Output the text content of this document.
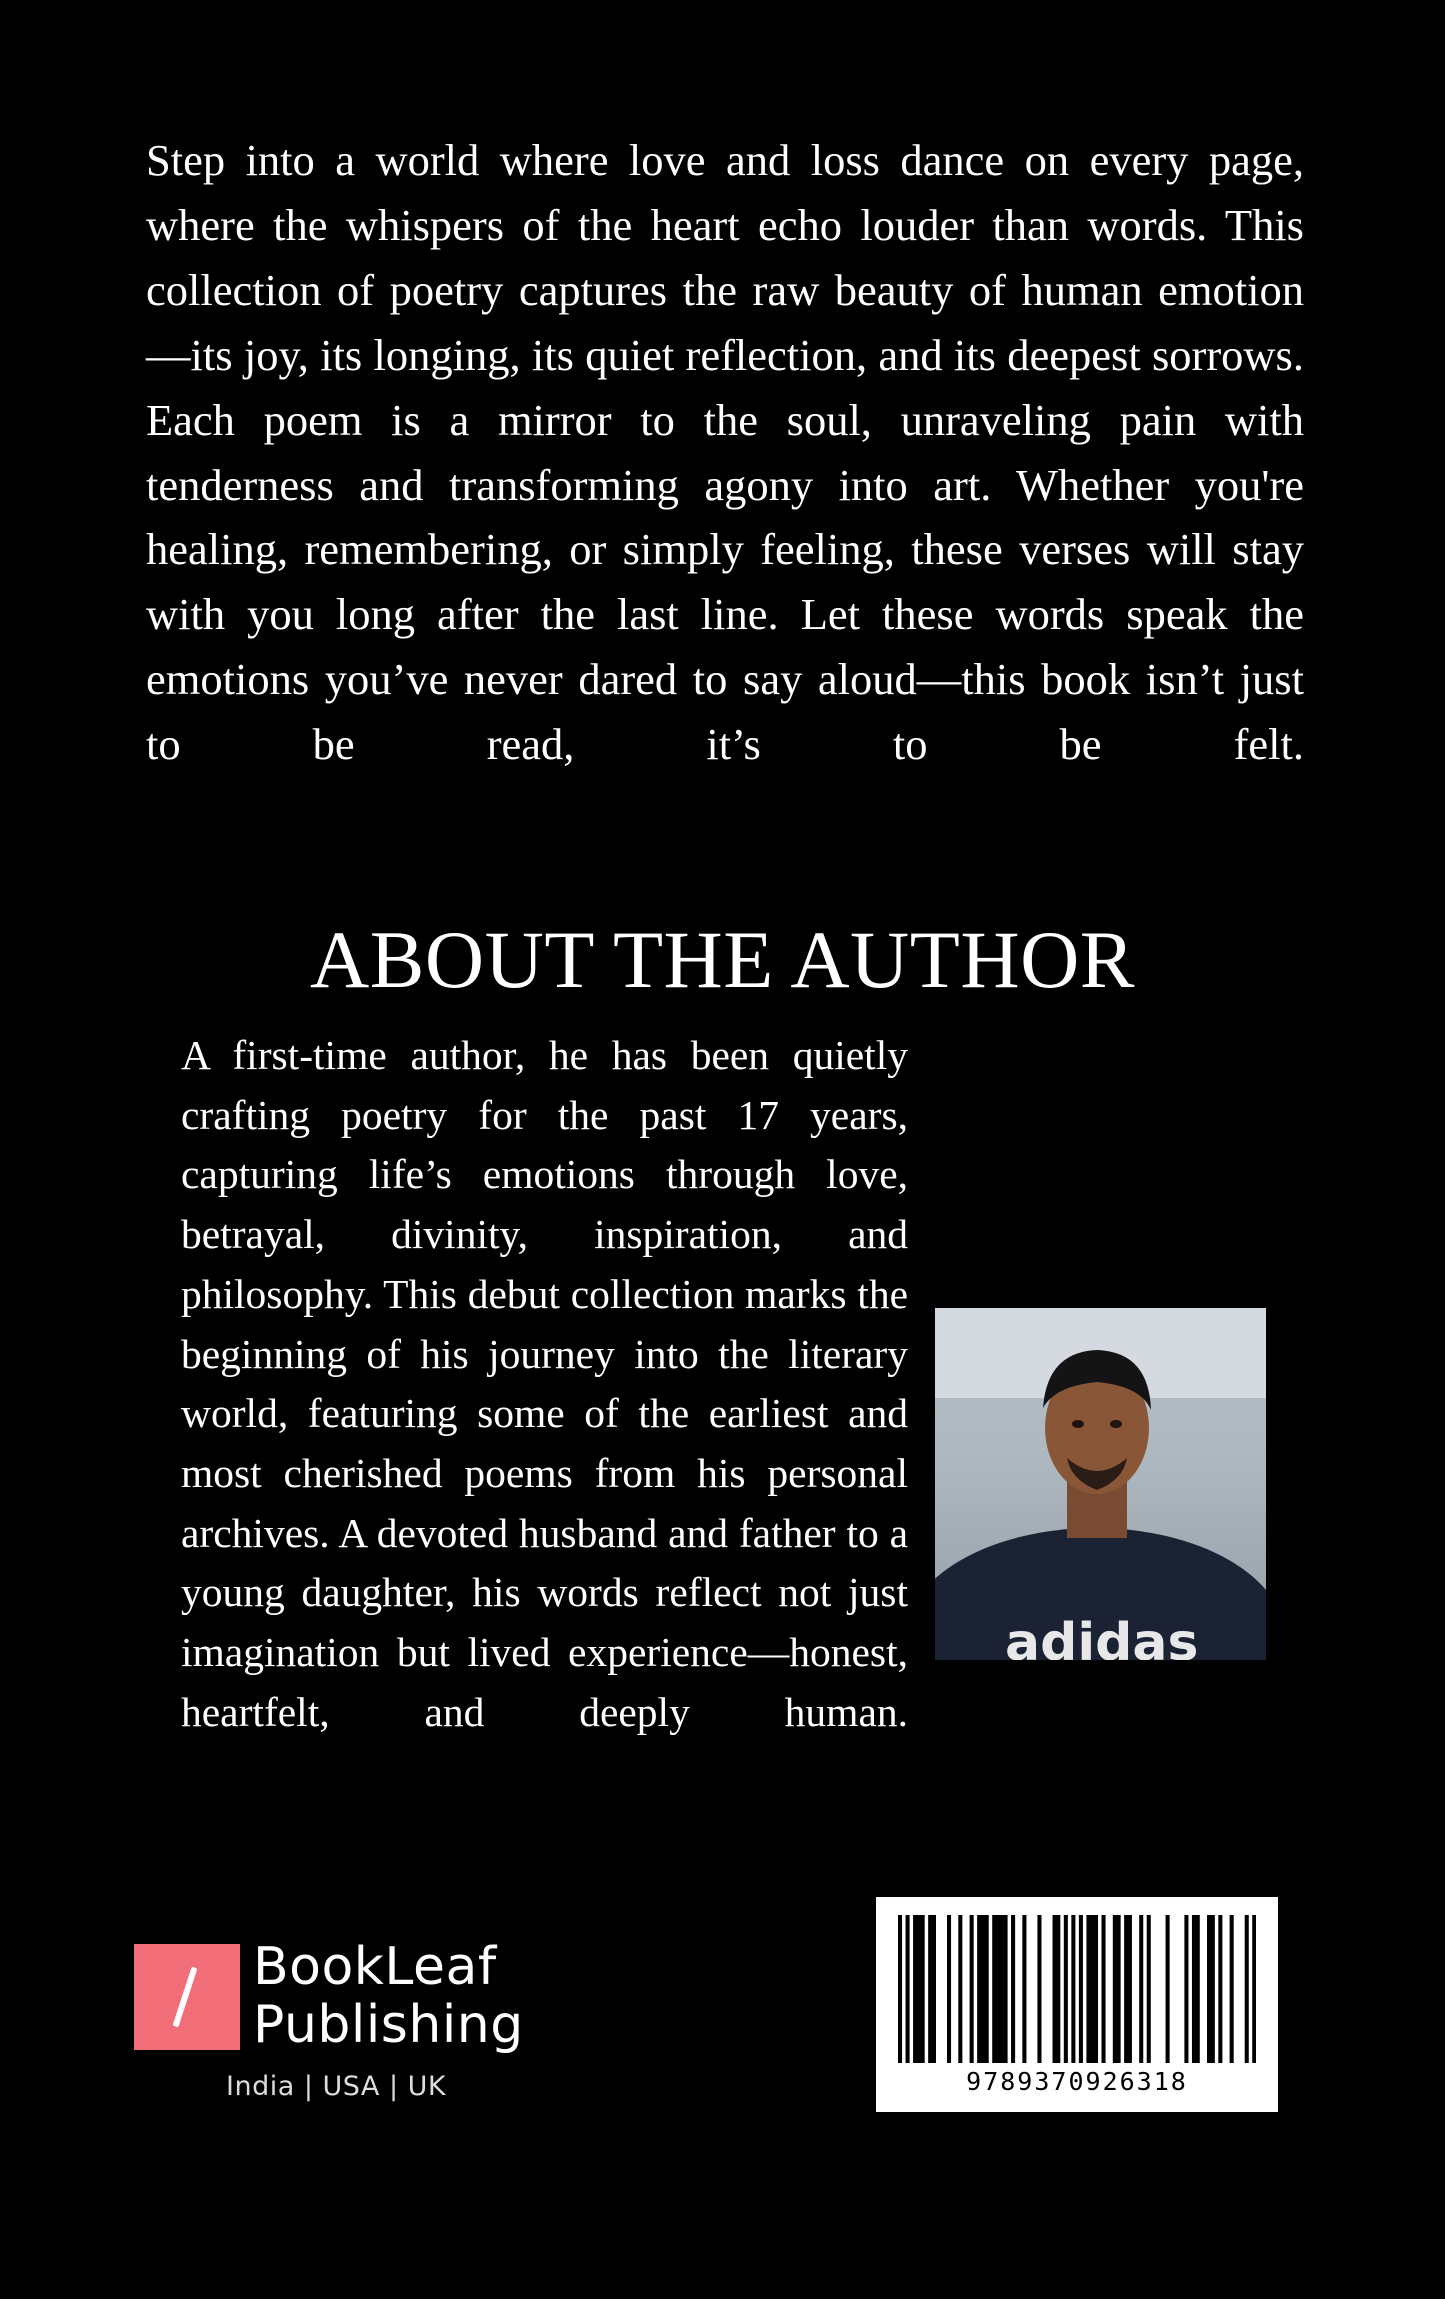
Step into a world where love and loss dance on every page, where the whispers of the heart echo louder than words. This collection of poetry captures the raw beauty of human emotion—its joy, its longing, its quiet reflection, and its deepest sorrows. Each poem is a mirror to the soul, unraveling pain with tenderness and transforming agony into art. Whether you're healing, remembering, or simply feeling, these verses will stay with you long after the last line. Let these words speak the emotions you’ve never dared to say aloud—this book isn’t just to be read, it’s to be felt.

ABOUT THE AUTHOR

A first-time author, he has been quietly crafting poetry for the past 17 years, capturing life’s emotions through love, betrayal, divinity, inspiration, and philosophy. This debut collection marks the beginning of his journey into the literary world, featuring some of the earliest and most cherished poems from his personal archives. A devoted husband and father to a young daughter, his words reflect not just imagination but lived experience—honest, heartfelt, and deeply human.

adidas
BookLeaf
Publishing
India | USA | UK	9789370926318
